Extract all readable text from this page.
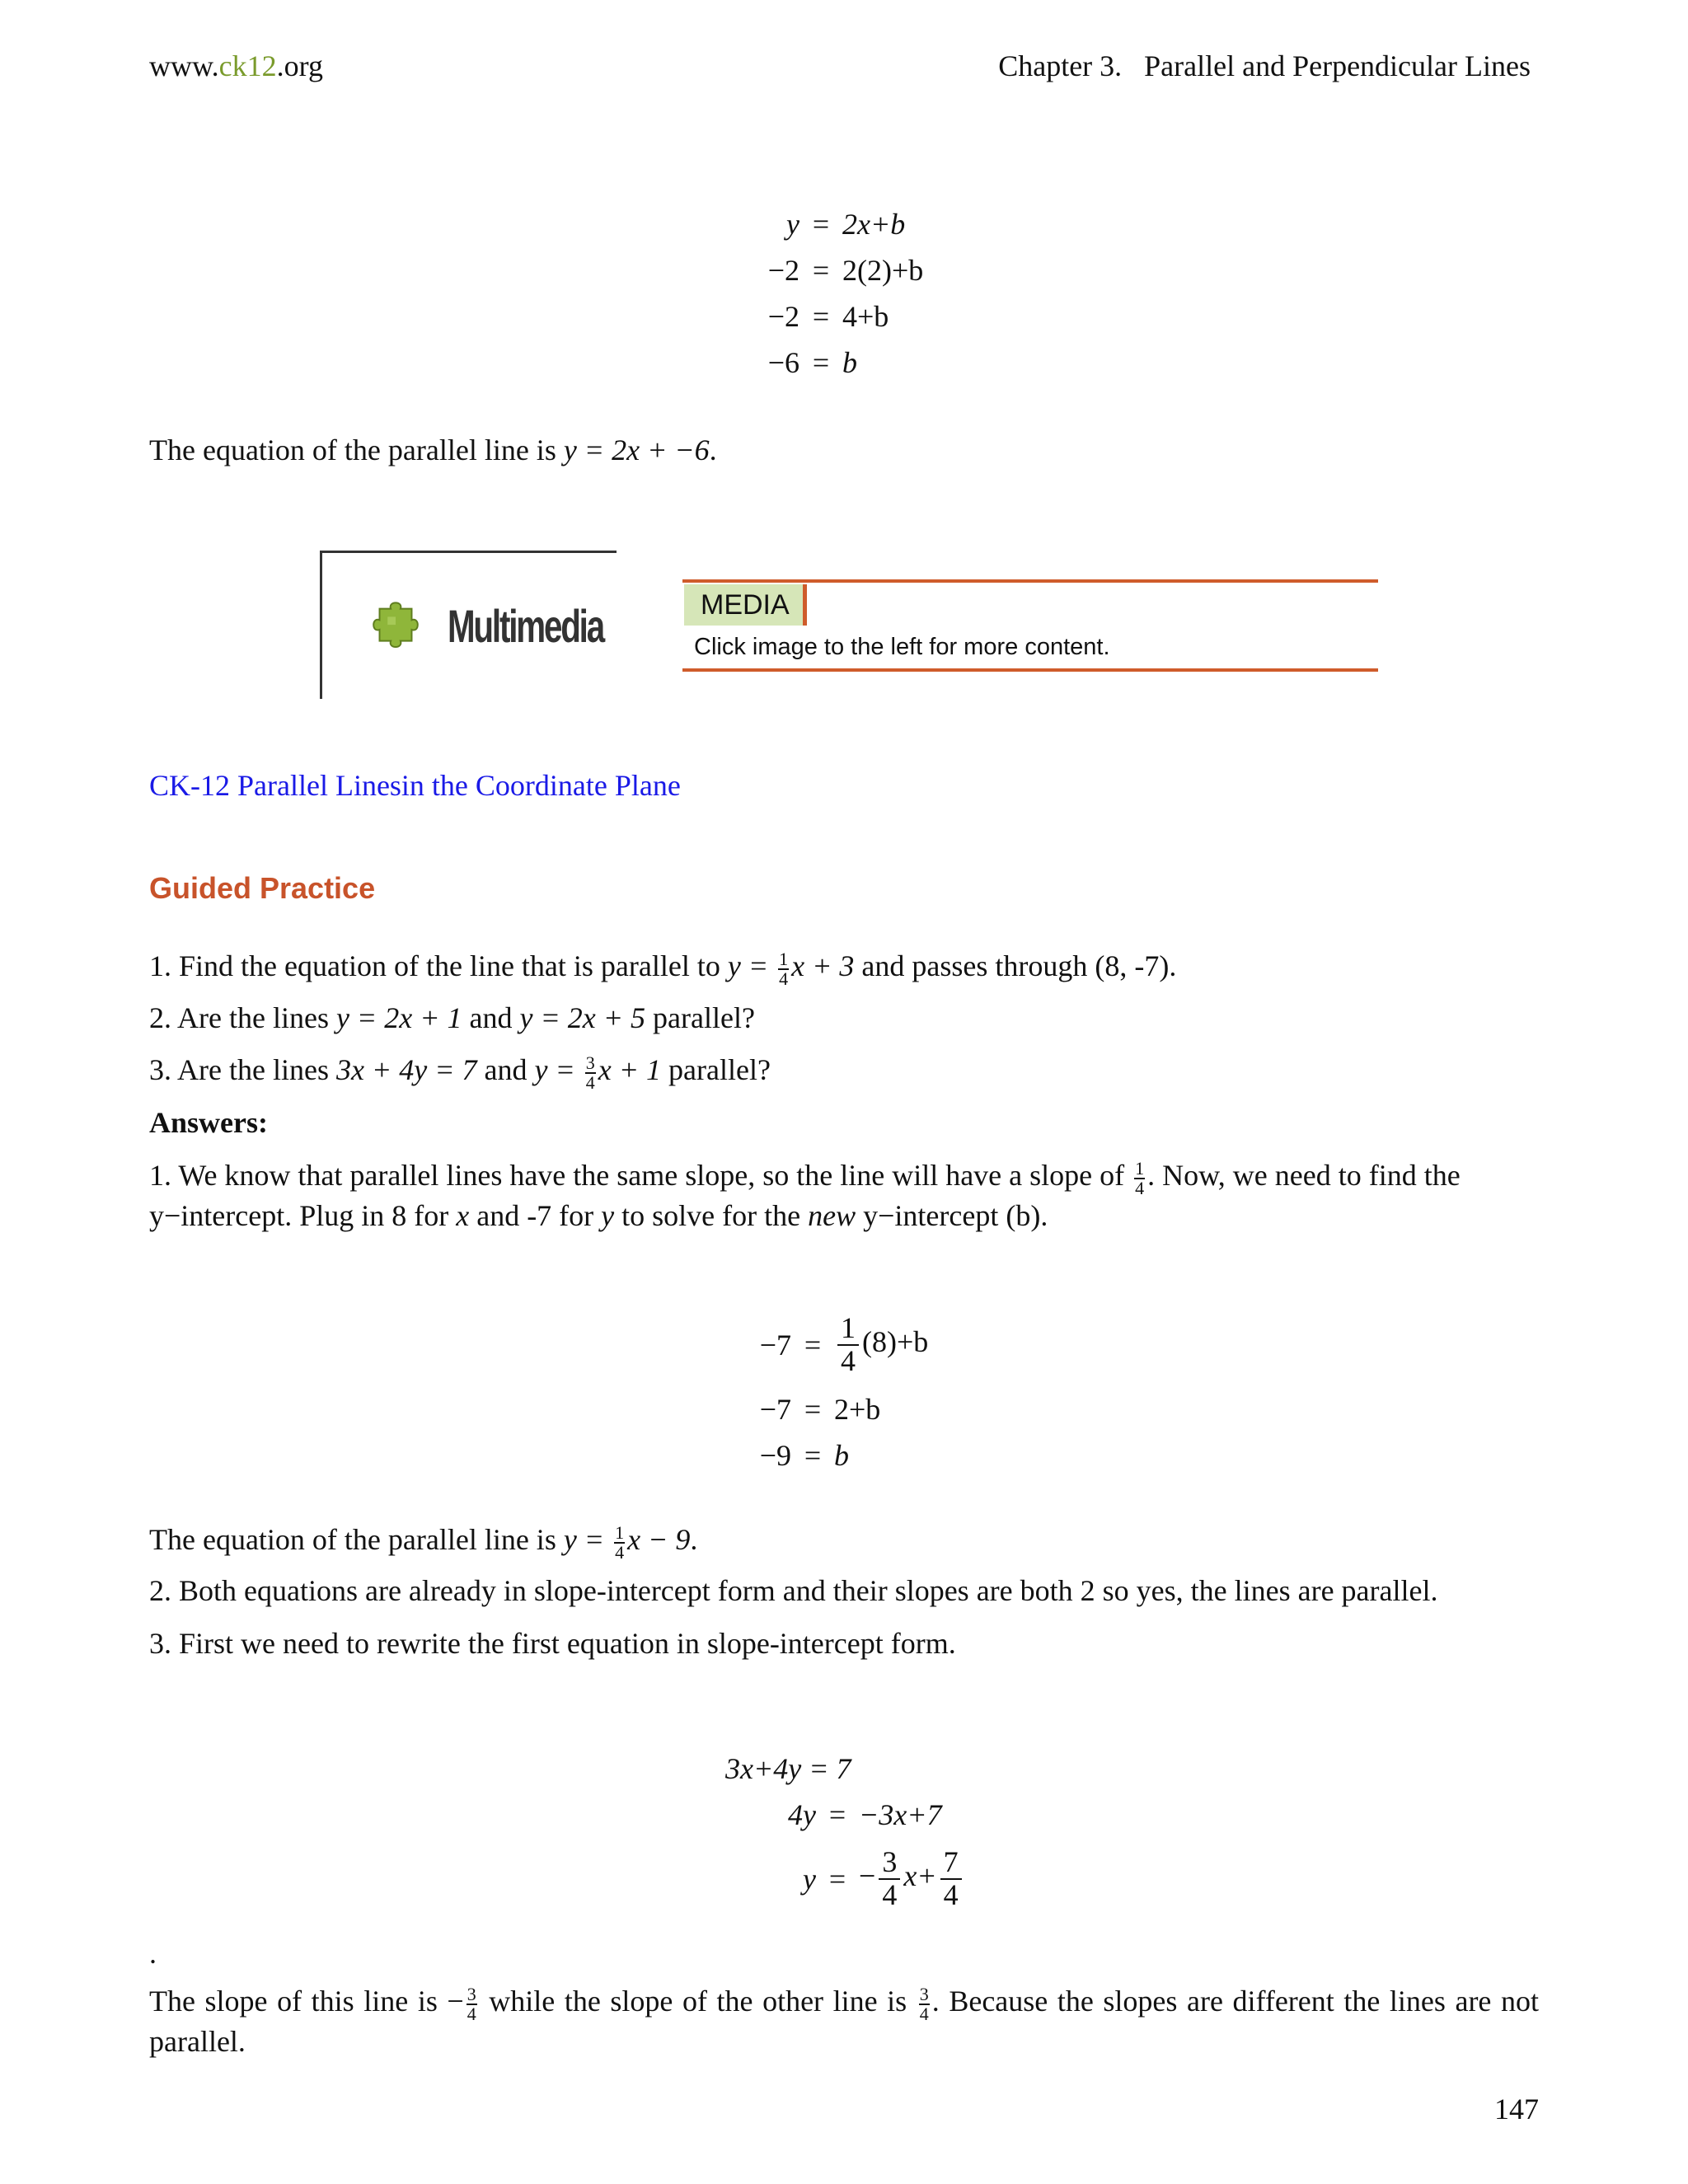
www.ck12.org	Chapter 3.   Parallel and Perpendicular Lines
y = 2x+b
−2 = 2(2)+b
−2 = 4+b
−6 = b
The equation of the parallel line is y = 2x + −6.
Multimedia	MEDIA
Click image to the left for more content.
CK-12 Parallel Linesin the Coordinate Plane
Guided Practice
1. Find the equation of the line that is parallel to $y = \frac{1}{4}$ x + 3 and passes through (8, -7).
2. Are the lines y = 2x + 1 and y = 2x + 5 parallel?
3. Are the lines 3x + 4y = 7 and $y = \frac{3}{4}$ x + 1 parallel?
Answers:
1. We know that parallel lines have the same slope, so the line will have a slope of $\frac{1}{4}$ . Now, we need to find the
y−intercept. Plug in 8 for x and -7 for y to solve for the new y−intercept (b).
$-7 = \frac{1}{4} (8)+b$
−7 = 2+b
−9 = b
The equation of the parallel line is $y = \frac{1}{4}$ x − 9.
2. Both equations are already in slope-intercept form and their slopes are both 2 so yes, the lines are parallel.
3. First we need to rewrite the first equation in slope-intercept form.
3x+4y = 7
4y = −3x+7
y = − $\frac{3}{4} x+ \frac{7}{4}$
.
The slope of this line is − $\frac{3}{4}$ while the slope of the other line is $\frac{3}{4}$ . Because the slopes are different the lines are not parallel.
147
